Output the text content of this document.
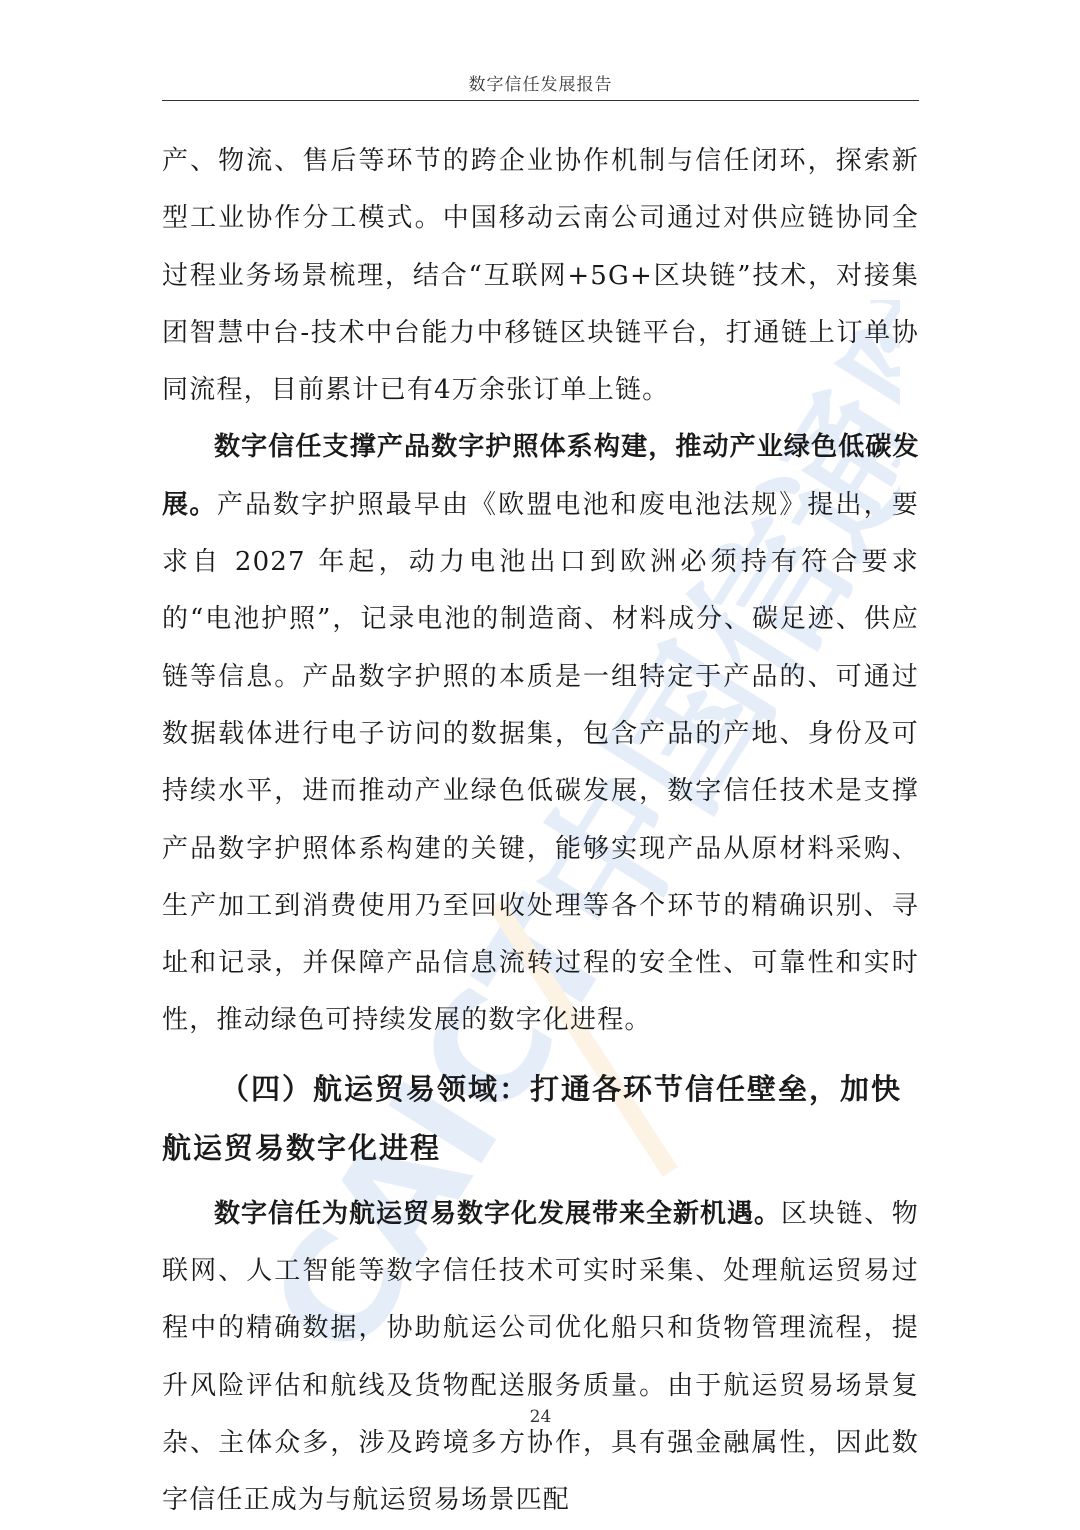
CAICT中国信通院
数字信任发展报告

产、物流、售后等环节的跨企业协作机制与信任闭环，探索新型工业协作分工模式。中国移动云南公司通过对供应链协同全过程业务场景梳理，结合“互联网+5G+区块链”技术，对接集团智慧中台-技术中台能力中移链区块链平台，打通链上订单协同流程，目前累计已有4万余张订单上链。

数字信任支撑产品数字护照体系构建，推动产业绿色低碳发展。产品数字护照最早由《欧盟电池和废电池法规》提出，要求自 2027 年起，动力电池出口到欧洲必须持有符合要求的“电池护照”，记录电池的制造商、材料成分、碳足迹、供应链等信息。产品数字护照的本质是一组特定于产品的、可通过数据载体进行电子访问的数据集，包含产品的产地、身份及可持续水平，进而推动产业绿色低碳发展，数字信任技术是支撑产品数字护照体系构建的关键，能够实现产品从原材料采购、生产加工到消费使用乃至回收处理等各个环节的精确识别、寻址和记录，并保障产品信息流转过程的安全性、可靠性和实时性，推动绿色可持续发展的数字化进程。

（四）航运贸易领域：打通各环节信任壁垒，加快航运贸易数字化进程

数字信任为航运贸易数字化发展带来全新机遇。区块链、物联网、人工智能等数字信任技术可实时采集、处理航运贸易过程中的精确数据，协助航运公司优化船只和货物管理流程，提升风险评估和航线及货物配送服务质量。由于航运贸易场景复杂、主体众多，涉及跨境多方协作，具有强金融属性，因此数字信任正成为与航运贸易场景匹配

24
